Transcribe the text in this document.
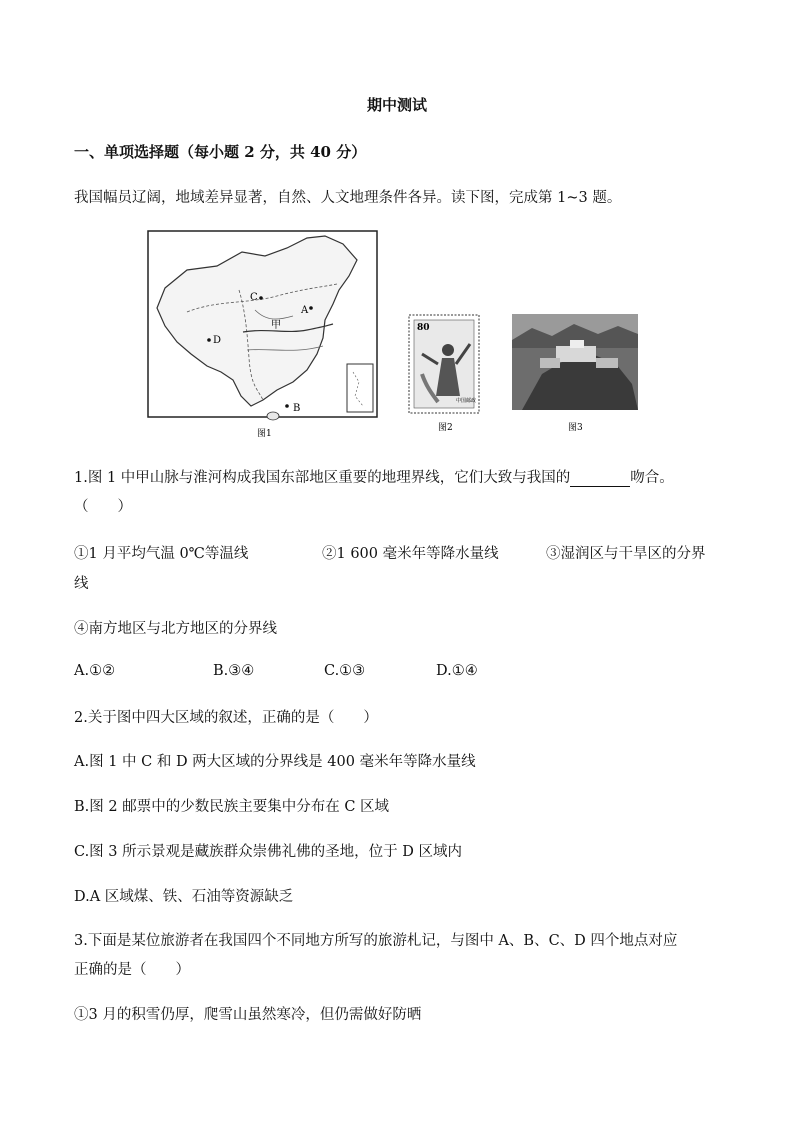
期中测试
一、单项选择题（每小题 2 分，共 40 分）
我国幅员辽阔，地域差异显著，自然、人文地理条件各异。读下图，完成第 1~3 题。
C
A
D
B
甲
图1
80
中国邮政
图2	图3
1.图 1 中甲山脉与淮河构成我国东部地区重要的地理界线，它们大致与我国的	吻合。
（　　）
①1 月平均气温 0℃等温线	②1 600 毫米年等降水量线	③湿润区与干旱区的分界
线
④南方地区与北方地区的分界线
A.①②	B.③④	C.①③	D.①④
2.关于图中四大区域的叙述，正确的是（　　）
A.图 1 中 C 和 D 两大区域的分界线是 400 毫米年等降水量线
B.图 2 邮票中的少数民族主要集中分布在 C 区域
C.图 3 所示景观是藏族群众崇佛礼佛的圣地，位于 D 区域内
D.A 区域煤、铁、石油等资源缺乏
3.下面是某位旅游者在我国四个不同地方所写的旅游札记，与图中 A、B、C、D 四个地点对应
正确的是（　　）
①3 月的积雪仍厚，爬雪山虽然寒冷，但仍需做好防晒
